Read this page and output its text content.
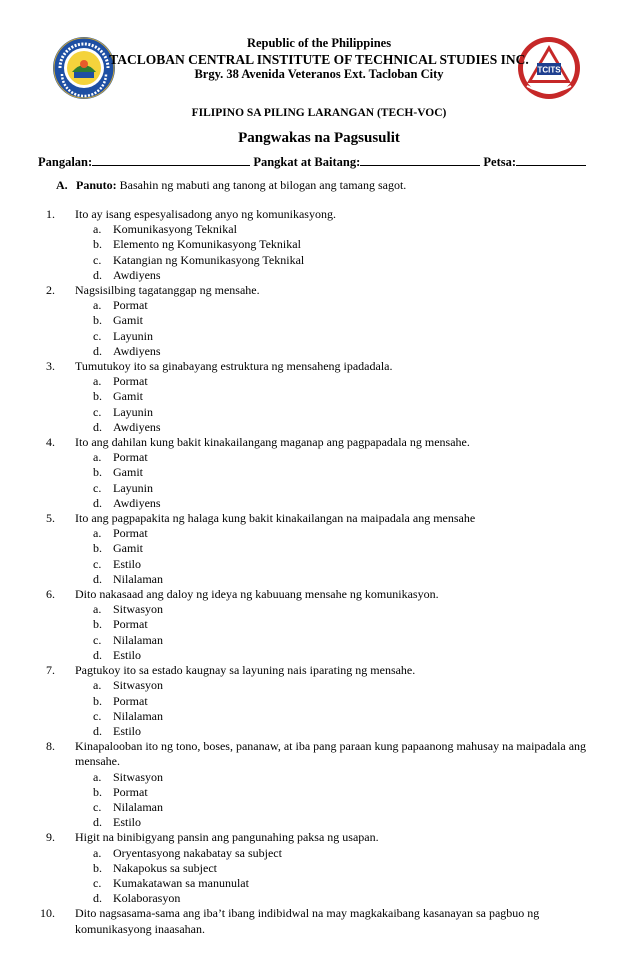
TCITS
Republic of the Philippines
TACLOBAN CENTRAL INSTITUTE OF TECHNICAL STUDIES INC.
Brgy. 38 Avenida Veteranos Ext. Tacloban City
FILIPINO SA PILING LARANGAN (TECH-VOC)
Pangwakas na Pagsusulit
Pangalan:	Pangkat at Baitang:	Petsa:
A. Panuto: Basahin ng mabuti ang tanong at bilogan ang tamang sagot.
1.	Ito ay isang espesyalisadong anyo ng komunikasyong.
a. Komunikasyong Teknikal
b. Elemento ng Komunikasyong Teknikal
c. Katangian ng Komunikasyong Teknikal
d. Awdiyens
2.	Nagsisilbing tagatanggap ng mensahe.
a. Pormat
b. Gamit
c. Layunin
d. Awdiyens
3.	Tumutukoy ito sa ginabayang estruktura ng mensaheng ipadadala.
a. Pormat
b. Gamit
c. Layunin
d. Awdiyens
4.	Ito ang dahilan kung bakit kinakailangang maganap ang pagpapadala ng mensahe.
a. Pormat
b. Gamit
c. Layunin
d. Awdiyens
5.	Ito ang pagpapakita ng halaga kung bakit kinakailangan na maipadala ang mensahe
a. Pormat
b. Gamit
c. Estilo
d. Nilalaman
6.	Dito nakasaad ang daloy ng ideya ng kabuuang mensahe ng komunikasyon.
a. Sitwasyon
b. Pormat
c. Nilalaman
d. Estilo
7.	Pagtukoy ito sa estado kaugnay sa layuning nais iparating ng mensahe.
a. Sitwasyon
b. Pormat
c. Nilalaman
d. Estilo
8.	Kinapalooban ito ng tono, boses, pananaw, at iba pang paraan kung papaanong mahusay na maipadala ang mensahe.
a. Sitwasyon
b. Pormat
c. Nilalaman
d. Estilo
9.	Higit na binibigyang pansin ang pangunahing paksa ng usapan.
a. Oryentasyong nakabatay sa subject
b. Nakapokus sa subject
c. Kumakatawan sa manunulat
d. Kolaborasyon
10.	Dito nagsasama-sama ang iba’t ibang indibidwal na may magkakaibang kasanayan sa pagbuo ng komunikasyong inaasahan.
